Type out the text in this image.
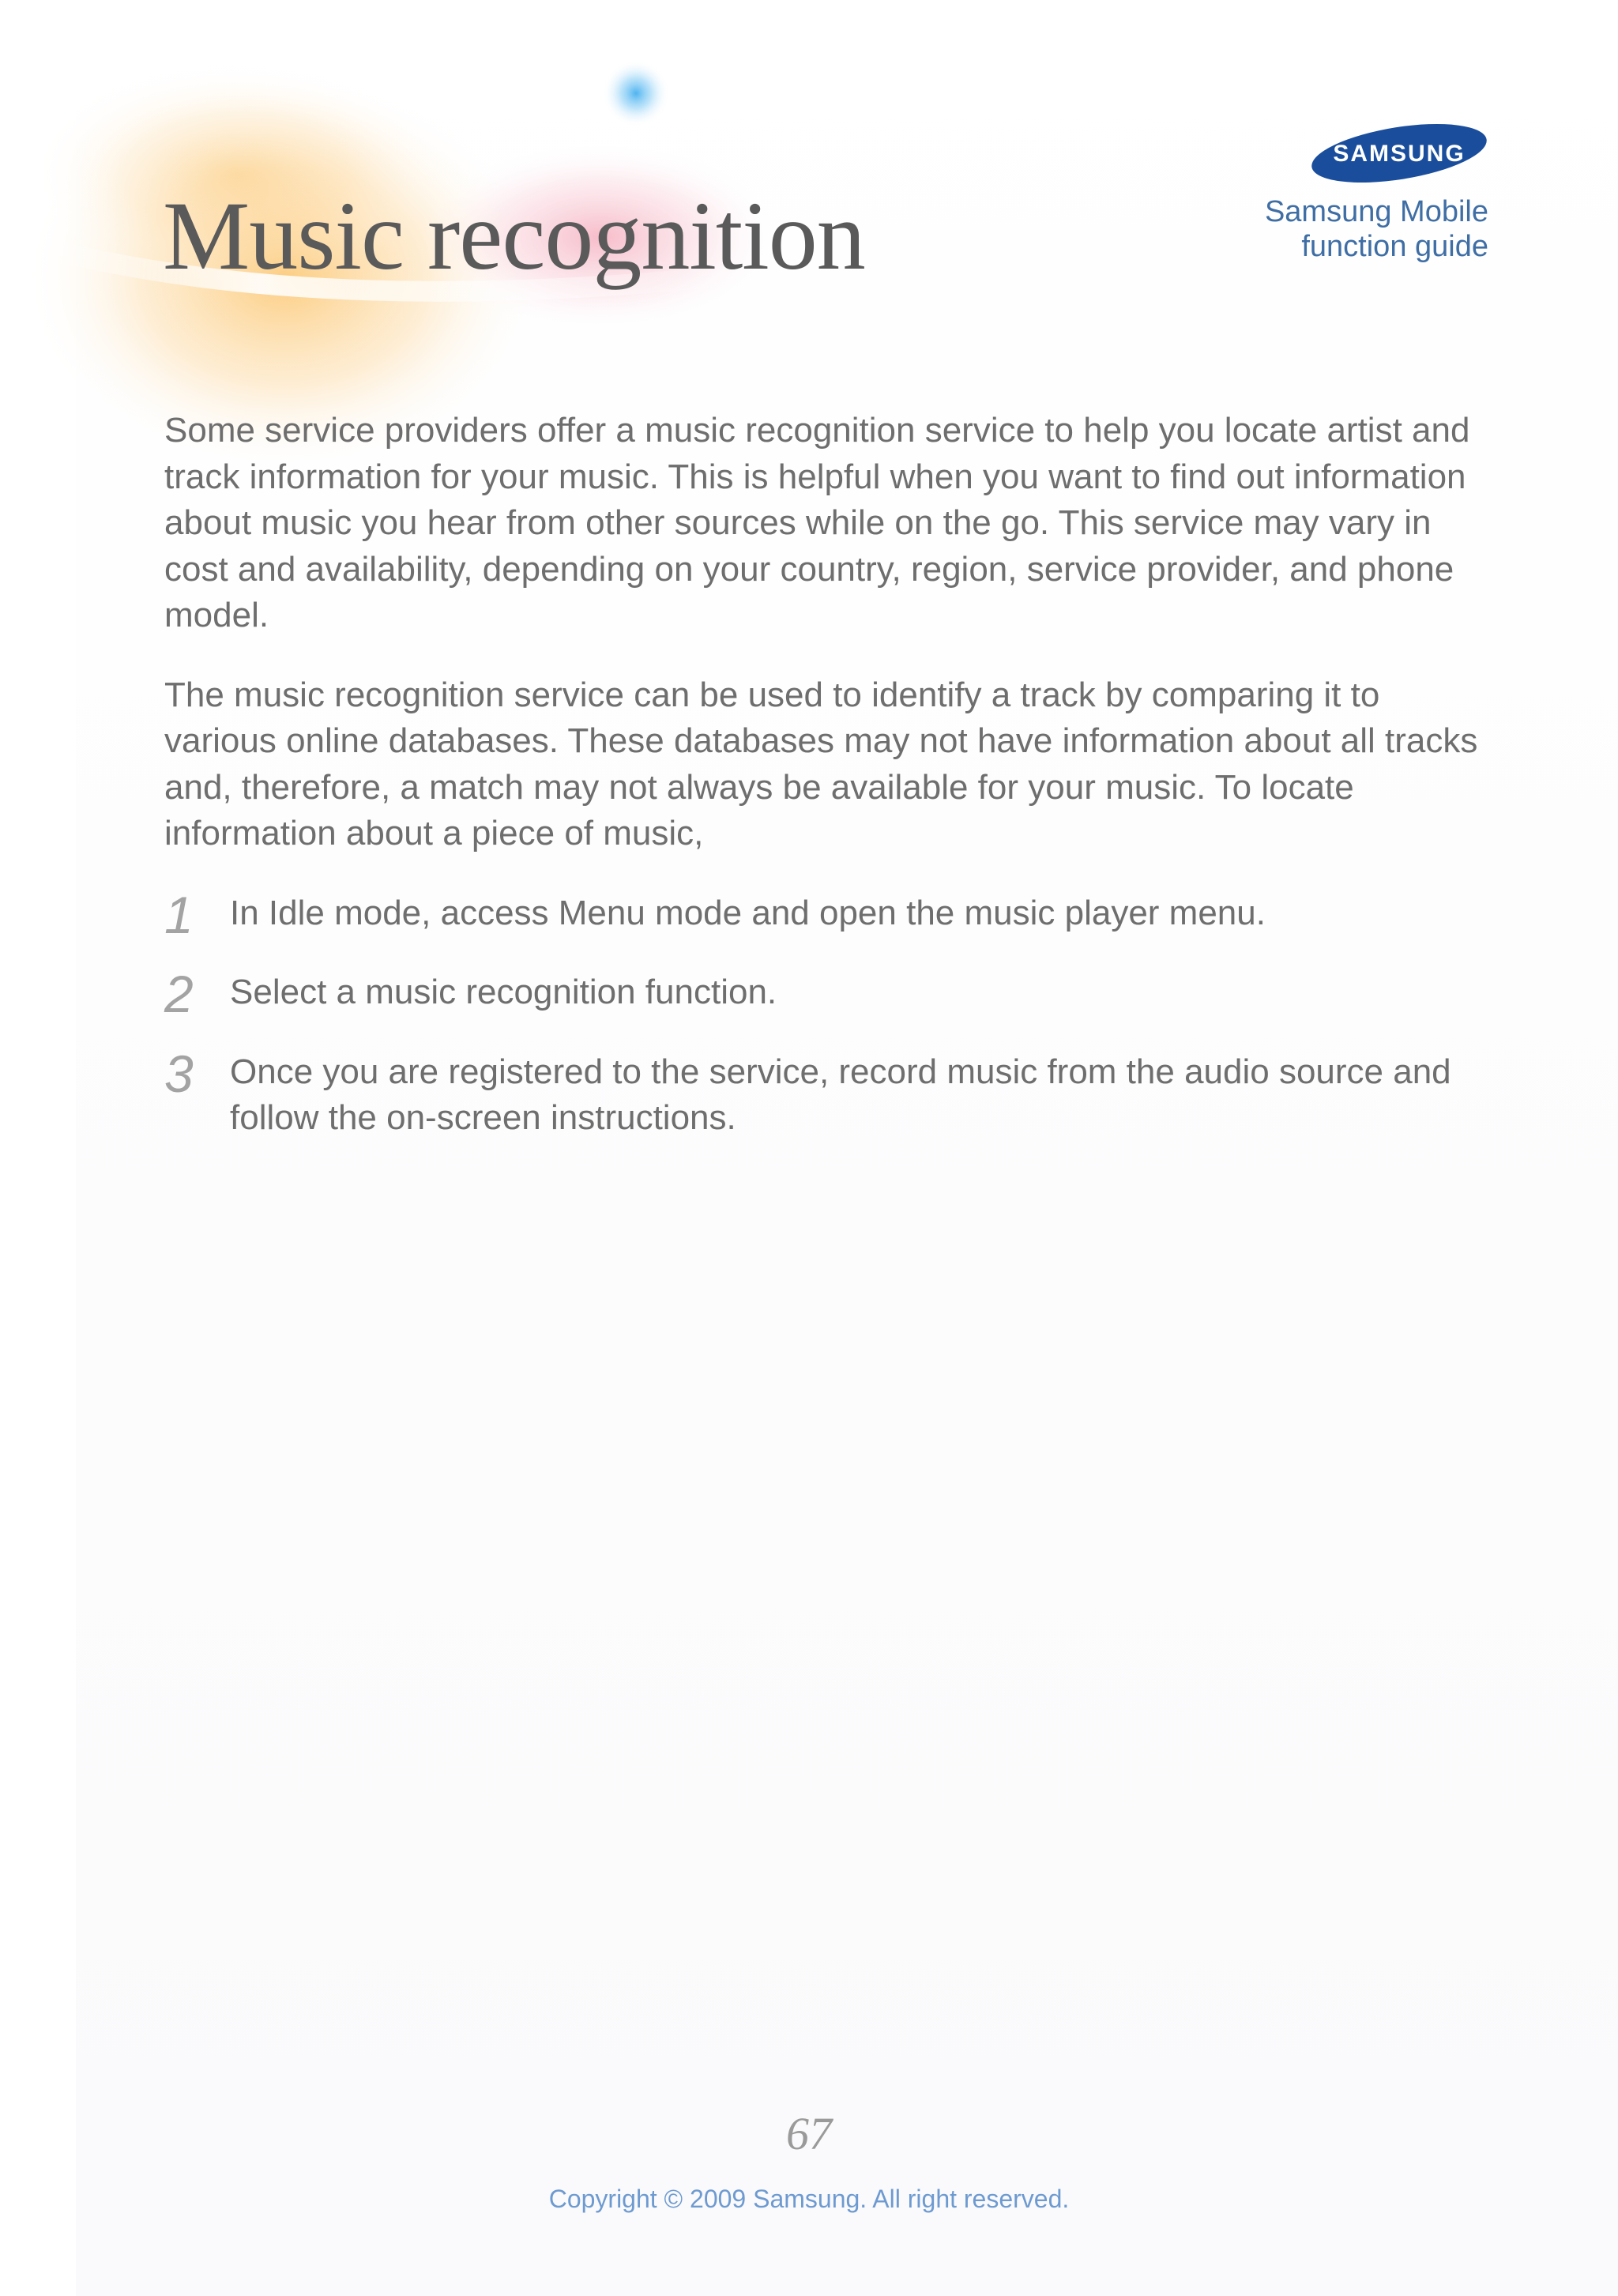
Music recognition
SAMSUNG
Samsung Mobile
function guide

Some service providers offer a music recognition service to help you locate artist and track information for your music. This is helpful when you want to find out information about music you hear from other sources while on the go. This service may vary in cost and availability, depending on your country, region, service provider, and phone model.

The music recognition service can be used to identify a track by comparing it to various online databases. These databases may not have information about all tracks and, therefore, a match may not always be available for your music. To locate information about a piece of music,

1 In Idle mode, access Menu mode and open the music player menu.
2 Select a music recognition function.
3 Once you are registered to the service, record music from the audio source and follow the on-screen instructions.
67
Copyright © 2009 Samsung. All right reserved.
